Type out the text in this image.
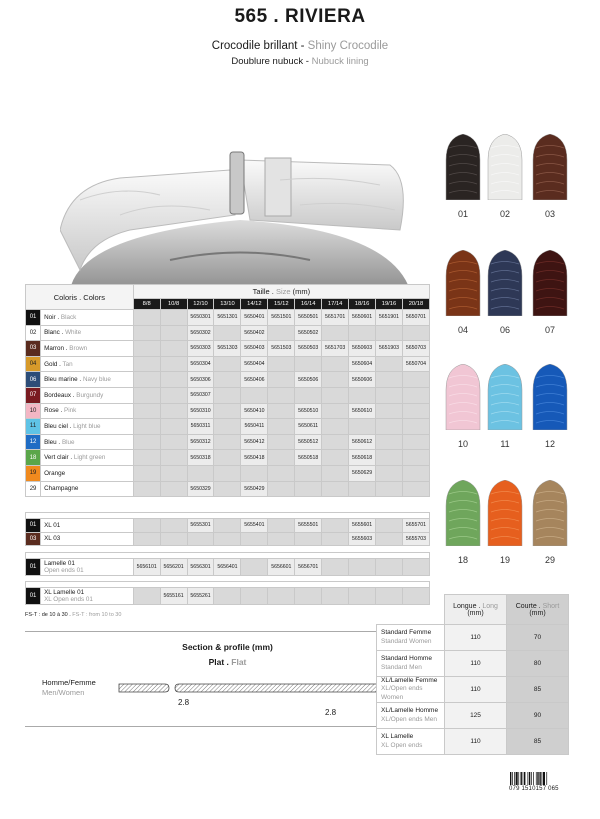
565 . RIVIERA
Crocodile brillant - Shiny Crocodile
Doublure nubuck - Nubuck lining
01	02	03
04	06	07
10	11	12
18	19	29
Coloris . Colors		Taille . Size (mm)										
		8/8	10/8	12/10	13/10	14/12	15/12	16/14	17/14	18/16	19/16	20/18
01	Noir . Black			5650301	5651301	5650401	5651501	5650501	5651701	5650601	5651901	5650701
02	Blanc . White			5650302		5650402		5650502				
03	Marron . Brown			5650303	5651303	5650403	5651503	5650503	5651703	5650603	5651903	5650703
04	Gold . Tan			5650304		5650404				5650604		5650704
06	Bleu marine . Navy blue			5650306		5650406		5650506		5650606		
07	Bordeaux . Burgundy			5650307								
10	Rose . Pink			5650310		5650410		5650510		5650610		
11	Bleu ciel . Light blue			5650311		5650411		5650611				
12	Bleu . Blue			5650312		5650412		5650512		5650612		
18	Vert clair . Light green			5650318		5650418		5650518		5650618		
19	Orange									5650629		
29	Champagne			5650329		5650429						

01	XL 01			5655301		5655401		5655501		5655601		5655701
03	XL 03									5655603		5655703

01	Lamelle 01
Open ends 01	5656101	5656201	5656301	5656401		5656601	5656701				

01	XL Lamelle 01
XL Open ends 01		5655161	5655261								
FS-T : de 10 à 30 . FS-T : from 10 to 30
Section & profile (mm)
Plat . Flat
Homme/Femme
Men/Women
2.8
2.8
	Longue . Long
(mm)	Courte . Short
(mm)

Standard Femme
Standard Women	110	70

Standard Homme
Standard Men	110	80

XL/Lamelle Femme
XL/Open ends Women	110	85

XL/Lamelle Homme
XL/Open ends Men	125	90

XL Lamelle
XL Open ends	110	85
079 1510157 065
